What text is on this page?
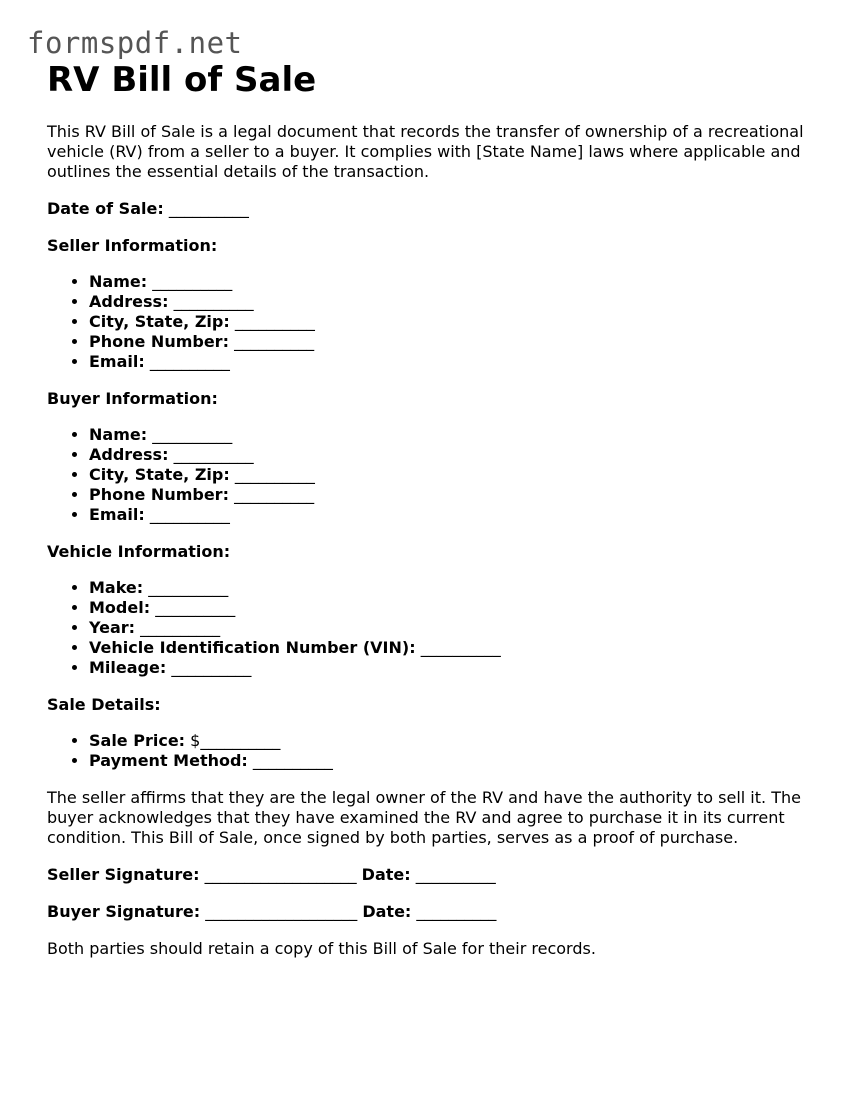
formspdf.net
RV Bill of Sale

This RV Bill of Sale is a legal document that records the transfer of ownership of a recreational vehicle (RV) from a seller to a buyer. It complies with [State Name] laws where applicable and outlines the essential details of the transaction.

Date of Sale: __________
Seller Information:
• Name: __________
• Address: __________
• City, State, Zip: __________
• Phone Number: __________
• Email: __________
Buyer Information:
• Name: __________
• Address: __________
• City, State, Zip: __________
• Phone Number: __________
• Email: __________
Vehicle Information:
• Make: __________
• Model: __________
• Year: __________
• Vehicle Identification Number (VIN): __________
• Mileage: __________
Sale Details:
• Sale Price: $__________
• Payment Method: __________

The seller affirms that they are the legal owner of the RV and have the authority to sell it. The buyer acknowledges that they have examined the RV and agree to purchase it in its current condition. This Bill of Sale, once signed by both parties, serves as a proof of purchase.

Seller Signature: ___________________ Date: __________
Buyer Signature: ___________________ Date: __________

Both parties should retain a copy of this Bill of Sale for their records.
